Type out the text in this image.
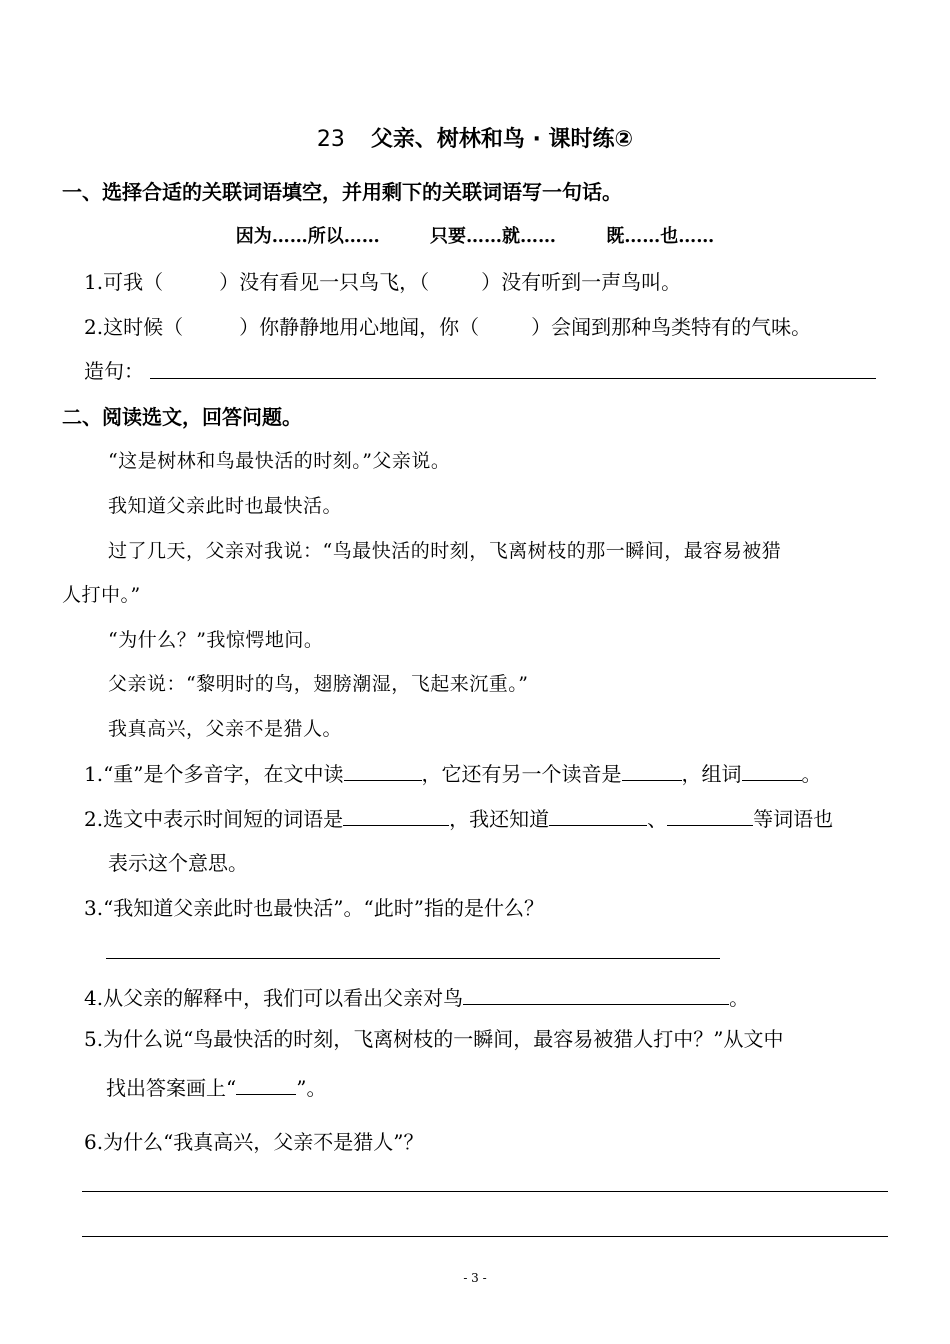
23 父亲、树林和鸟 · 课时练②
一、选择合适的关联词语填空，并用剩下的关联词语写一句话。
因为……所以……	只要……就……	既……也……
1.可我（	）没有看见一只鸟飞，（	）没有听到一声鸟叫。
2.这时候（	）你静静地用心地闻，你（	）会闻到那种鸟类特有的气味。
造句：
二、阅读选文，回答问题。
“这是树林和鸟最快活的时刻。”父亲说。
我知道父亲此时也最快活。
过了几天，父亲对我说：“鸟最快活的时刻，飞离树枝的那一瞬间，最容易被猎
人打中。”
“为什么？”我惊愕地问。
父亲说：“黎明时的鸟，翅膀潮湿，飞起来沉重。”
我真高兴，父亲不是猎人。
1.“重”是个多音字，在文中读	，它还有另一个读音是	，组词	。
2.选文中表示时间短的词语是	，我还知道	、	等词语也
表示这个意思。
3.“我知道父亲此时也最快活”。“此时”指的是什么？
4.从父亲的解释中，我们可以看出父亲对鸟	。
5.为什么说“鸟最快活的时刻，飞离树枝的一瞬间，最容易被猎人打中？”从文中
找出答案画上“	”。
6.为什么“我真高兴，父亲不是猎人”？
- 3 -
